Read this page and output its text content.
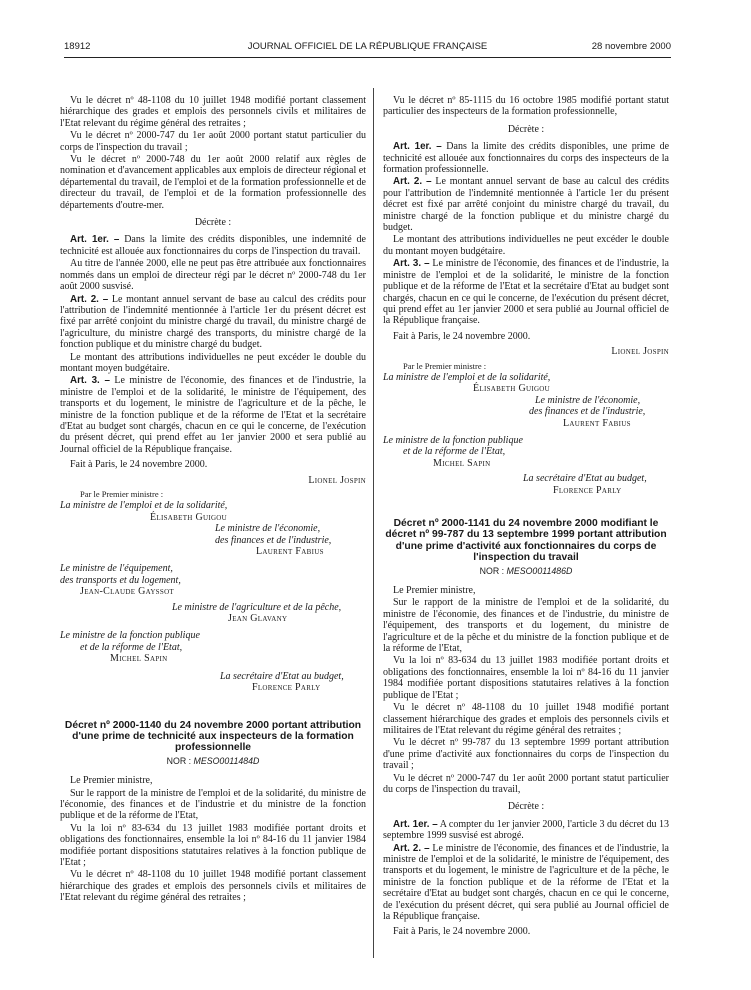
18912	JOURNAL OFFICIEL DE LA RÉPUBLIQUE FRANÇAISE	28 novembre 2000

Vu le décret nº 48-1108 du 10 juillet 1948 modifié portant classement hiérarchique des grades et emplois des personnels civils et militaires de l'Etat relevant du régime général des retraites ;

Vu le décret nº 2000-747 du 1er août 2000 portant statut particulier du corps de l'inspection du travail ;

Vu le décret nº 2000-748 du 1er août 2000 relatif aux règles de nomination et d'avancement applicables aux emplois de directeur régional et départemental du travail, de l'emploi et de la formation professionnelle et de directeur du travail, de l'emploi et de la formation professionnelle des départements d'outre-mer.

Décrète :

Art. 1er. – Dans la limite des crédits disponibles, une indemnité de technicité est allouée aux fonctionnaires du corps de l'inspection du travail.

Au titre de l'année 2000, elle ne peut pas être attribuée aux fonctionnaires nommés dans un emploi de directeur régi par le décret nº 2000-748 du 1er août 2000 susvisé.

Art. 2. – Le montant annuel servant de base au calcul des crédits pour l'attribution de l'indemnité mentionnée à l'article 1er du présent décret est fixé par arrêté conjoint du ministre chargé du travail, du ministre chargé de l'agriculture, du ministre chargé des transports, du ministre chargé de la fonction publique et du ministre chargé du budget.

Le montant des attributions individuelles ne peut excéder le double du montant moyen budgétaire.

Art. 3. – Le ministre de l'économie, des finances et de l'industrie, la ministre de l'emploi et de la solidarité, le ministre de l'équipement, des transports et du logement, le ministre de l'agriculture et de la pêche, le ministre de la fonction publique et de la réforme de l'Etat et la secrétaire d'Etat au budget sont chargés, chacun en ce qui le concerne, de l'exécution du présent décret, qui prend effet au 1er janvier 2000 et sera publié au Journal officiel de la République française.

Fait à Paris, le 24 novembre 2000.

Lionel Jospin

Par le Premier ministre :

La ministre de l'emploi et de la solidarité,

Élisabeth Guigou

Le ministre de l'économie,

des finances et de l'industrie,

Laurent Fabius

Le ministre de l'équipement,

des transports et du logement,

Jean-Claude Gayssot

Le ministre de l'agriculture et de la pêche,

Jean Glavany

Le ministre de la fonction publique

et de la réforme de l'Etat,

Michel Sapin

La secrétaire d'Etat au budget,

Florence Parly

Décret nº 2000-1140 du 24 novembre 2000 portant attribution d'une prime de technicité aux inspecteurs de la formation professionnelle
NOR : MESO0011484D

Le Premier ministre,

Sur le rapport de la ministre de l'emploi et de la solidarité, du ministre de l'économie, des finances et de l'industrie et du ministre de la fonction publique et de la réforme de l'Etat,

Vu la loi nº 83-634 du 13 juillet 1983 modifiée portant droits et obligations des fonctionnaires, ensemble la loi nº 84-16 du 11 janvier 1984 modifiée portant dispositions statutaires relatives à la fonction publique de l'Etat ;

Vu le décret nº 48-1108 du 10 juillet 1948 modifié portant classement hiérarchique des grades et emplois des personnels civils et militaires de l'Etat relevant du régime général des retraites ;

Vu le décret nº 85-1115 du 16 octobre 1985 modifié portant statut particulier des inspecteurs de la formation professionnelle,

Décrète :

Art. 1er. – Dans la limite des crédits disponibles, une prime de technicité est allouée aux fonctionnaires du corps des inspecteurs de la formation professionnelle.

Art. 2. – Le montant annuel servant de base au calcul des crédits pour l'attribution de l'indemnité mentionnée à l'article 1er du présent décret est fixé par arrêté conjoint du ministre chargé du travail, du ministre chargé de la fonction publique et du ministre chargé du budget.

Le montant des attributions individuelles ne peut excéder le double du montant moyen budgétaire.

Art. 3. – Le ministre de l'économie, des finances et de l'industrie, la ministre de l'emploi et de la solidarité, le ministre de la fonction publique et de la réforme de l'Etat et la secrétaire d'Etat au budget sont chargés, chacun en ce qui le concerne, de l'exécution du présent décret, qui prend effet au 1er janvier 2000 et sera publié au Journal officiel de la République française.

Fait à Paris, le 24 novembre 2000.

Lionel Jospin

Par le Premier ministre :

La ministre de l'emploi et de la solidarité,

Élisabeth Guigou

Le ministre de l'économie,

des finances et de l'industrie,

Laurent Fabius

Le ministre de la fonction publique

et de la réforme de l'Etat,

Michel Sapin

La secrétaire d'Etat au budget,

Florence Parly

Décret nº 2000-1141 du 24 novembre 2000 modifiant le décret nº 99-787 du 13 septembre 1999 portant attribution d'une prime d'activité aux fonctionnaires du corps de l'inspection du travail
NOR : MESO0011486D

Le Premier ministre,

Sur le rapport de la ministre de l'emploi et de la solidarité, du ministre de l'économie, des finances et de l'industrie, du ministre de l'équipement, des transports et du logement, du ministre de l'agriculture et de la pêche et du ministre de la fonction publique et de la réforme de l'Etat,

Vu la loi nº 83-634 du 13 juillet 1983 modifiée portant droits et obligations des fonctionnaires, ensemble la loi nº 84-16 du 11 janvier 1984 modifiée portant dispositions statutaires relatives à la fonction publique de l'Etat ;

Vu le décret nº 48-1108 du 10 juillet 1948 modifié portant classement hiérarchique des grades et emplois des personnels civils et militaires de l'Etat relevant du régime général des retraites ;

Vu le décret nº 99-787 du 13 septembre 1999 portant attribution d'une prime d'activité aux fonctionnaires du corps de l'inspection du travail ;

Vu le décret nº 2000-747 du 1er août 2000 portant statut particulier du corps de l'inspection du travail,

Décrète :

Art. 1er. – A compter du 1er janvier 2000, l'article 3 du décret du 13 septembre 1999 susvisé est abrogé.

Art. 2. – Le ministre de l'économie, des finances et de l'industrie, la ministre de l'emploi et de la solidarité, le ministre de l'équipement, des transports et du logement, le ministre de l'agriculture et de la pêche, le ministre de la fonction publique et de la réforme de l'Etat et la secrétaire d'Etat au budget sont chargés, chacun en ce qui le concerne, de l'exécution du présent décret, qui sera publié au Journal officiel de la République française.

Fait à Paris, le 24 novembre 2000.
